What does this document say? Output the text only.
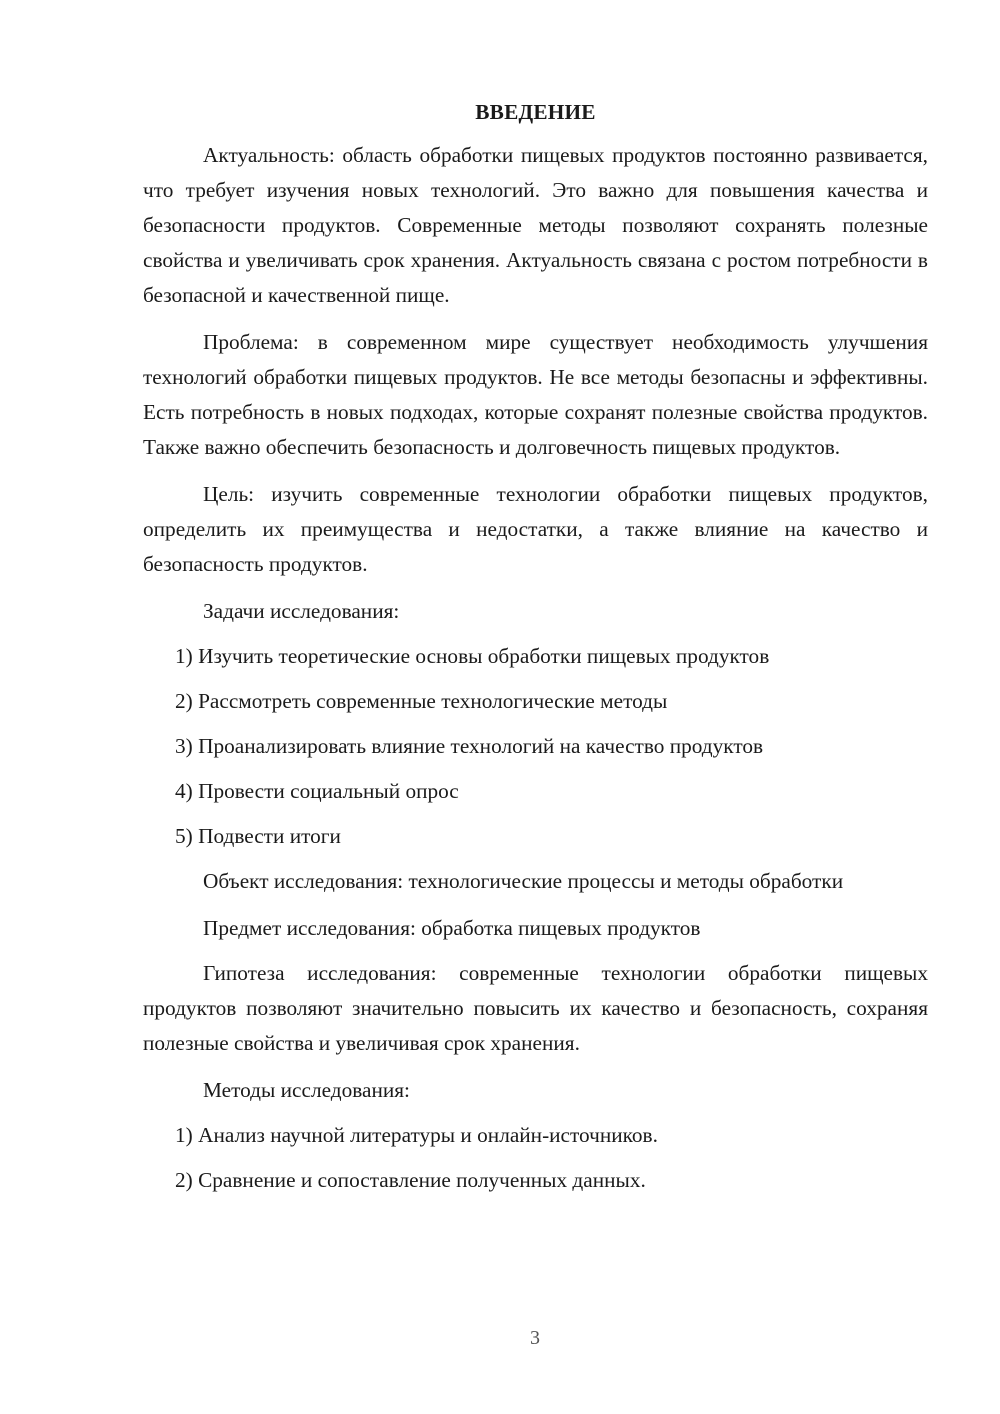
ВВЕДЕНИЕ

Актуальность: область обработки пищевых продуктов постоянно развивается, что требует изучения новых технологий. Это важно для повышения качества и безопасности продуктов. Современные методы позволяют сохранять полезные свойства и увеличивать срок хранения. Актуальность связана с ростом потребности в безопасной и качественной пище.

Проблема: в современном мире существует необходимость улучшения технологий обработки пищевых продуктов. Не все методы безопасны и эффективны. Есть потребность в новых подходах, которые сохранят полезные свойства продуктов. Также важно обеспечить безопасность и долговечность пищевых продуктов.

Цель: изучить современные технологии обработки пищевых продуктов, определить их преимущества и недостатки, а также влияние на качество и безопасность продуктов.

Задачи исследования:

1) Изучить теоретические основы обработки пищевых продуктов
2) Рассмотреть современные технологические методы
3) Проанализировать влияние технологий на качество продуктов
4) Провести социальный опрос
5) Подвести итоги

Объект исследования: технологические процессы и методы обработки

Предмет исследования: обработка пищевых продуктов

Гипотеза исследования: современные технологии обработки пищевых продуктов позволяют значительно повысить их качество и безопасность, сохраняя полезные свойства и увеличивая срок хранения.

Методы исследования:

1) Анализ научной литературы и онлайн-источников.
2) Сравнение и сопоставление полученных данных.
3
